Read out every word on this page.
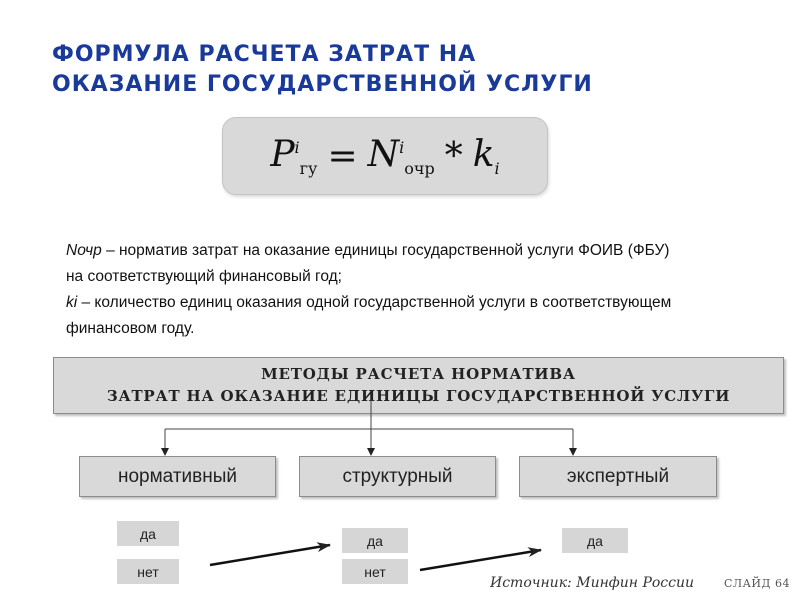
ФОРМУЛА РАСЧЕТА ЗАТРАТ НА
ОКАЗАНИЕ ГОСУДАРСТВЕННОЙ УСЛУГИ
$P^i_{гу} = N^i_{очр} * k_i$
Nочр – норматив затрат на оказание единицы государственной услуги ФОИВ (ФБУ)
на соответствующий финансовый год;
ki – количество единиц оказания одной государственной услуги в соответствующем
финансовом году.
МЕТОДЫ РАСЧЕТА НОРМАТИВА
ЗАТРАТ НА ОКАЗАНИЕ ЕДИНИЦЫ ГОСУДАРСТВЕННОЙ УСЛУГИ
нормативный	структурный	экспертный
да
нет
да
нет
да
Источник: Минфин России	СЛАЙД 64
